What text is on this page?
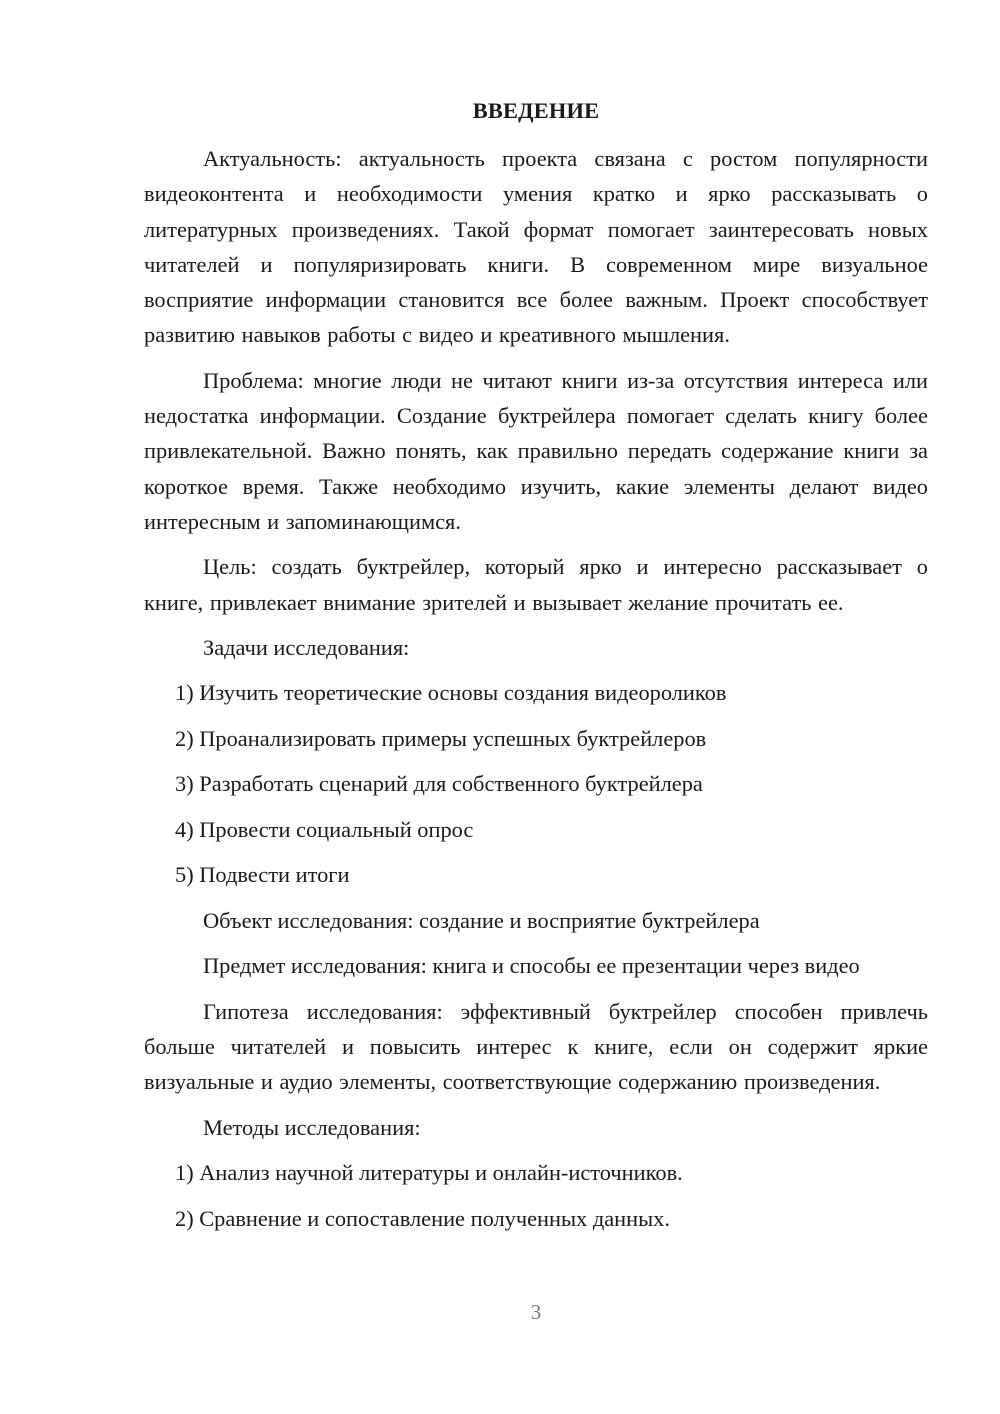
ВВЕДЕНИЕ

Актуальность: актуальность проекта связана с ростом популярности видеоконтента и необходимости умения кратко и ярко рассказывать о литературных произведениях. Такой формат помогает заинтересовать новых читателей и популяризировать книги. В современном мире визуальное восприятие информации становится все более важным. Проект способствует развитию навыков работы с видео и креативного мышления.

Проблема: многие люди не читают книги из-за отсутствия интереса или недостатка информации. Создание буктрейлера помогает сделать книгу более привлекательной. Важно понять, как правильно передать содержание книги за короткое время. Также необходимо изучить, какие элементы делают видео интересным и запоминающимся.

Цель: создать буктрейлер, который ярко и интересно рассказывает о книге, привлекает внимание зрителей и вызывает желание прочитать ее.

Задачи исследования:

1) Изучить теоретические основы создания видеороликов

2) Проанализировать примеры успешных буктрейлеров

3) Разработать сценарий для собственного буктрейлера

4) Провести социальный опрос

5) Подвести итоги

Объект исследования: создание и восприятие буктрейлера

Предмет исследования: книга и способы ее презентации через видео

Гипотеза исследования: эффективный буктрейлер способен привлечь больше читателей и повысить интерес к книге, если он содержит яркие визуальные и аудио элементы, соответствующие содержанию произведения.

Методы исследования:

1) Анализ научной литературы и онлайн-источников.

2) Сравнение и сопоставление полученных данных.

3
